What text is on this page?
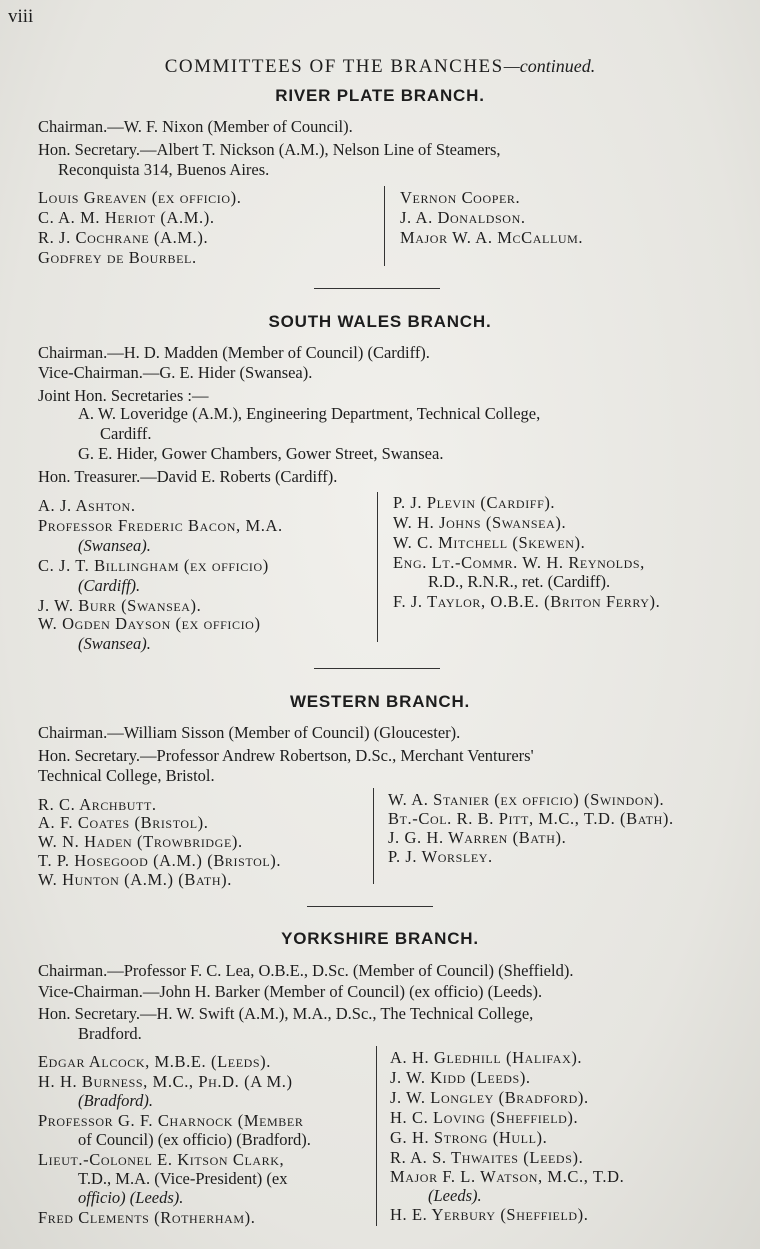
viii
COMMITTEES OF THE BRANCHES—continued.
RIVER PLATE BRANCH.
Chairman.—W. F. Nixon (Member of Council).
Hon. Secretary.—Albert T. Nickson (A.M.), Nelson Line of Steamers,
Reconquista 314, Buenos Aires.
Louis Greaven (ex officio).
C. A. M. Heriot (A.M.).
R. J. Cochrane (A.M.).
Godfrey de Bourbel.
Vernon Cooper.
J. A. Donaldson.
Major W. A. McCallum.
SOUTH WALES BRANCH.
Chairman.—H. D. Madden (Member of Council) (Cardiff).
Vice-Chairman.—G. E. Hider (Swansea).
Joint Hon. Secretaries :—
A. W. Loveridge (A.M.), Engineering Department, Technical College,
Cardiff.
G. E. Hider, Gower Chambers, Gower Street, Swansea.
Hon. Treasurer.—David E. Roberts (Cardiff).
A. J. Ashton.
Professor Frederic Bacon, M.A.
(Swansea).
C. J. T. Billingham (ex officio)
(Cardiff).
J. W. Burr (Swansea).
W. Ogden Dayson (ex officio)
(Swansea).
P. J. Plevin (Cardiff).
W. H. Johns (Swansea).
W. C. Mitchell (Skewen).
Eng. Lt.-Commr. W. H. Reynolds,
R.D., R.N.R., ret. (Cardiff).
F. J. Taylor, O.B.E. (Briton Ferry).
WESTERN BRANCH.
Chairman.—William Sisson (Member of Council) (Gloucester).
Hon. Secretary.—Professor Andrew Robertson, D.Sc., Merchant Venturers'
Technical College, Bristol.
R. C. Archbutt.
A. F. Coates (Bristol).
W. N. Haden (Trowbridge).
T. P. Hosegood (A.M.) (Bristol).
W. Hunton (A.M.) (Bath).
W. A. Stanier (ex officio) (Swindon).
Bt.-Col. R. B. Pitt, M.C., T.D. (Bath).
J. G. H. Warren (Bath).
P. J. Worsley.
YORKSHIRE BRANCH.
Chairman.—Professor F. C. Lea, O.B.E., D.Sc. (Member of Council) (Sheffield).
Vice-Chairman.—John H. Barker (Member of Council) (ex officio) (Leeds).
Hon. Secretary.—H. W. Swift (A.M.), M.A., D.Sc., The Technical College,
Bradford.
Edgar Alcock, M.B.E. (Leeds).
H. H. Burness, M.C., Ph.D. (A M.)
(Bradford).
Professor G. F. Charnock (Member
of Council) (ex officio) (Bradford).
Lieut.-Colonel E. Kitson Clark,
T.D., M.A. (Vice-President) (ex
officio) (Leeds).
Fred Clements (Rotherham).
A. H. Gledhill (Halifax).
J. W. Kidd (Leeds).
J. W. Longley (Bradford).
H. C. Loving (Sheffield).
G. H. Strong (Hull).
R. A. S. Thwaites (Leeds).
Major F. L. Watson, M.C., T.D.
(Leeds).
H. E. Yerbury (Sheffield).
